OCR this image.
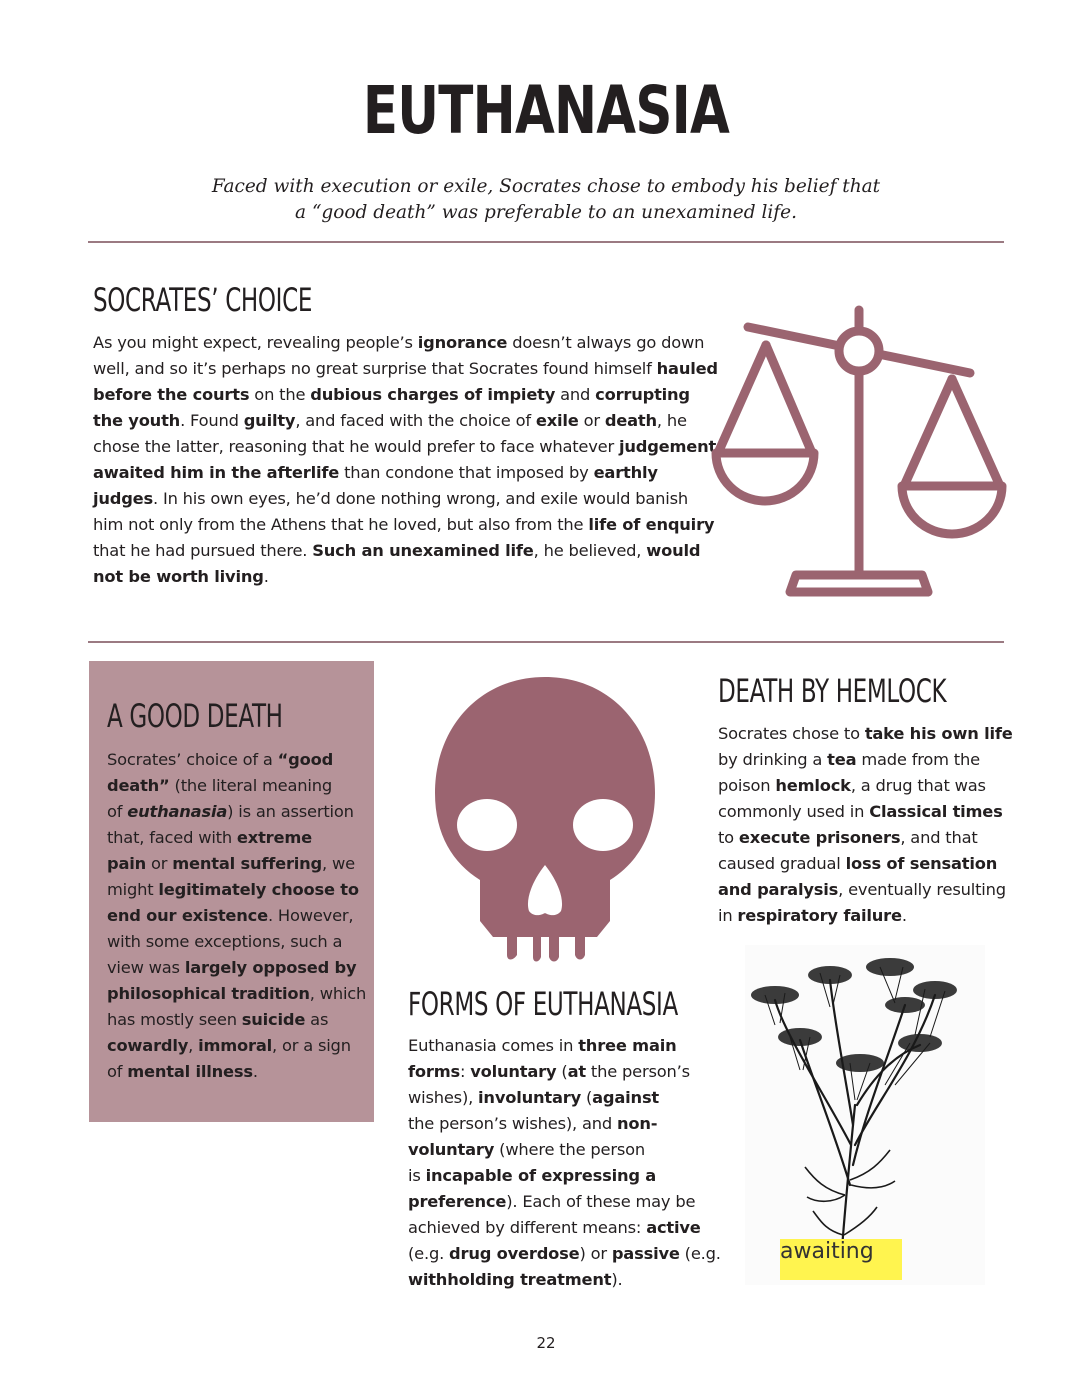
EUTHANASIA
Faced with execution or exile, Socrates chose to embody his belief that
a “good death” was preferable to an unexamined life.
SOCRATES’ CHOICE
As you might expect, revealing people’s ignorance doesn’t always go down
well, and so it’s perhaps no great surprise that Socrates found himself hauled
before the courts on the dubious charges of impiety and corrupting
the youth. Found guilty, and faced with the choice of exile or death, he
chose the latter, reasoning that he would prefer to face whatever judgement
awaited him in the afterlife than condone that imposed by earthly
judges. In his own eyes, he’d done nothing wrong, and exile would banish
him not only from the Athens that he loved, but also from the life of enquiry
that he had pursued there. Such an unexamined life, he believed, would
not be worth living.
A GOOD DEATH
Socrates’ choice of a “good
death” (the literal meaning
of euthanasia) is an assertion
that, faced with extreme
pain or mental suffering, we
might legitimately choose to
end our existence. However,
with some exceptions, such a
view was largely opposed by
philosophical tradition, which
has mostly seen suicide as
cowardly, immoral, or a sign
of mental illness.
FORMS OF EUTHANASIA
Euthanasia comes in three main
forms: voluntary (at the person’s
wishes), involuntary (against
the person’s wishes), and non-
voluntary (where the person
is incapable of expressing a
preference). Each of these may be
achieved by different means: active
(e.g. drug overdose) or passive (e.g.
withholding treatment).
DEATH BY HEMLOCK
Socrates chose to take his own life
by drinking a tea made from the
poison hemlock, a drug that was
commonly used in Classical times
to execute prisoners, and that
caused gradual loss of sensation
and paralysis, eventually resulting
in respiratory failure.
awaiting
22
